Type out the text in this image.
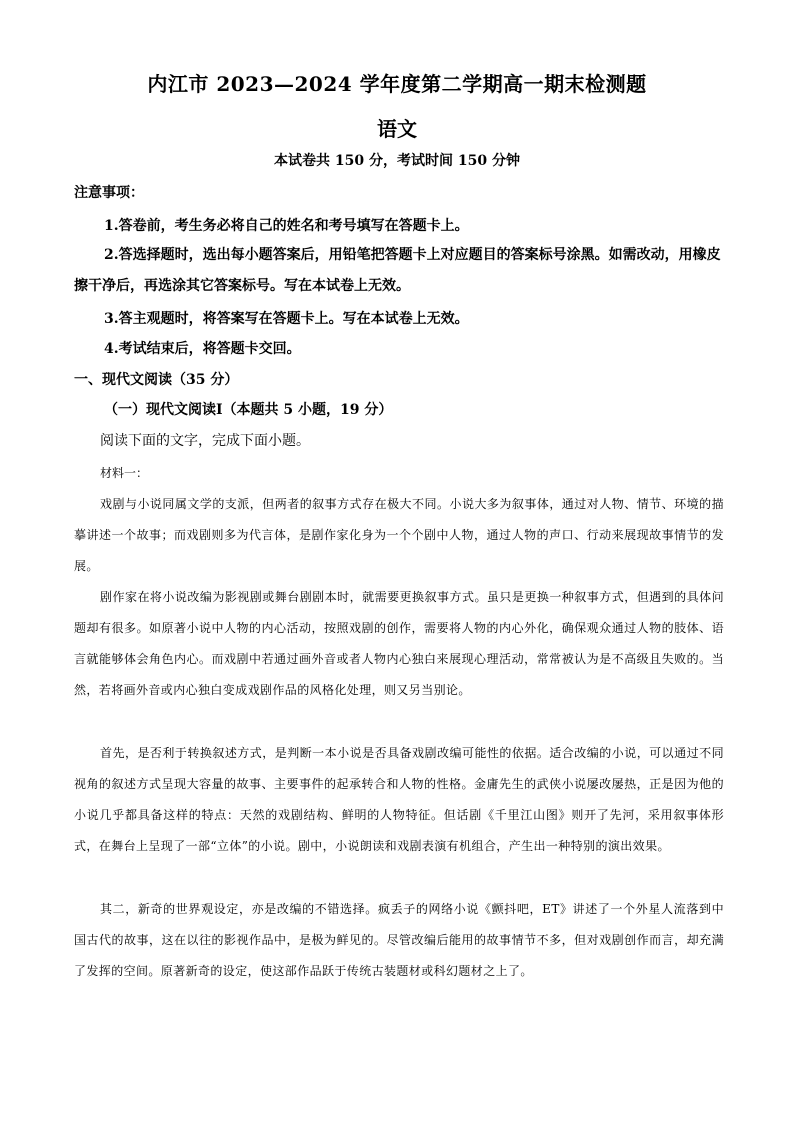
内江市 2023—2024 学年度第二学期高一期末检测题
语文
本试卷共 150 分，考试时间 150 分钟
注意事项：
1.答卷前，考生务必将自己的姓名和考号填写在答题卡上。
2.答选择题时，选出每小题答案后，用铅笔把答题卡上对应题目的答案标号涂黑。如需改动，用橡皮擦干净后，再选涂其它答案标号。写在本试卷上无效。
3.答主观题时，将答案写在答题卡上。写在本试卷上无效。
4.考试结束后，将答题卡交回。
一、现代文阅读（35 分）
（一）现代文阅读Ⅰ（本题共 5 小题，19 分）
阅读下面的文字，完成下面小题。
材料一：
戏剧与小说同属文学的支派，但两者的叙事方式存在极大不同。小说大多为叙事体，通过对人物、情节、环境的描摹讲述一个故事；而戏剧则多为代言体，是剧作家化身为一个个剧中人物，通过人物的声口、行动来展现故事情节的发展。
剧作家在将小说改编为影视剧或舞台剧剧本时，就需要更换叙事方式。虽只是更换一种叙事方式，但遇到的具体问题却有很多。如原著小说中人物的内心活动，按照戏剧的创作，需要将人物的内心外化，确保观众通过人物的肢体、语言就能够体会角色内心。而戏剧中若通过画外音或者人物内心独白来展现心理活动，常常被认为是不高级且失败的。当然，若将画外音或内心独白变成戏剧作品的风格化处理，则又另当别论。
首先，是否利于转换叙述方式，是判断一本小说是否具备戏剧改编可能性的依据。适合改编的小说，可以通过不同视角的叙述方式呈现大容量的故事、主要事件的起承转合和人物的性格。金庸先生的武侠小说屡改屡热，正是因为他的小说几乎都具备这样的特点：天然的戏剧结构、鲜明的人物特征。但话剧《千里江山图》则开了先河，采用叙事体形式，在舞台上呈现了一部“立体”的小说。剧中，小说朗读和戏剧表演有机组合，产生出一种特别的演出效果。
其二，新奇的世界观设定，亦是改编的不错选择。疯丢子的网络小说《颤抖吧，ET》讲述了一个外星人流落到中国古代的故事，这在以往的影视作品中，是极为鲜见的。尽管改编后能用的故事情节不多，但对戏剧创作而言，却充满了发挥的空间。原著新奇的设定，使这部作品跃于传统古装题材或科幻题材之上了。
